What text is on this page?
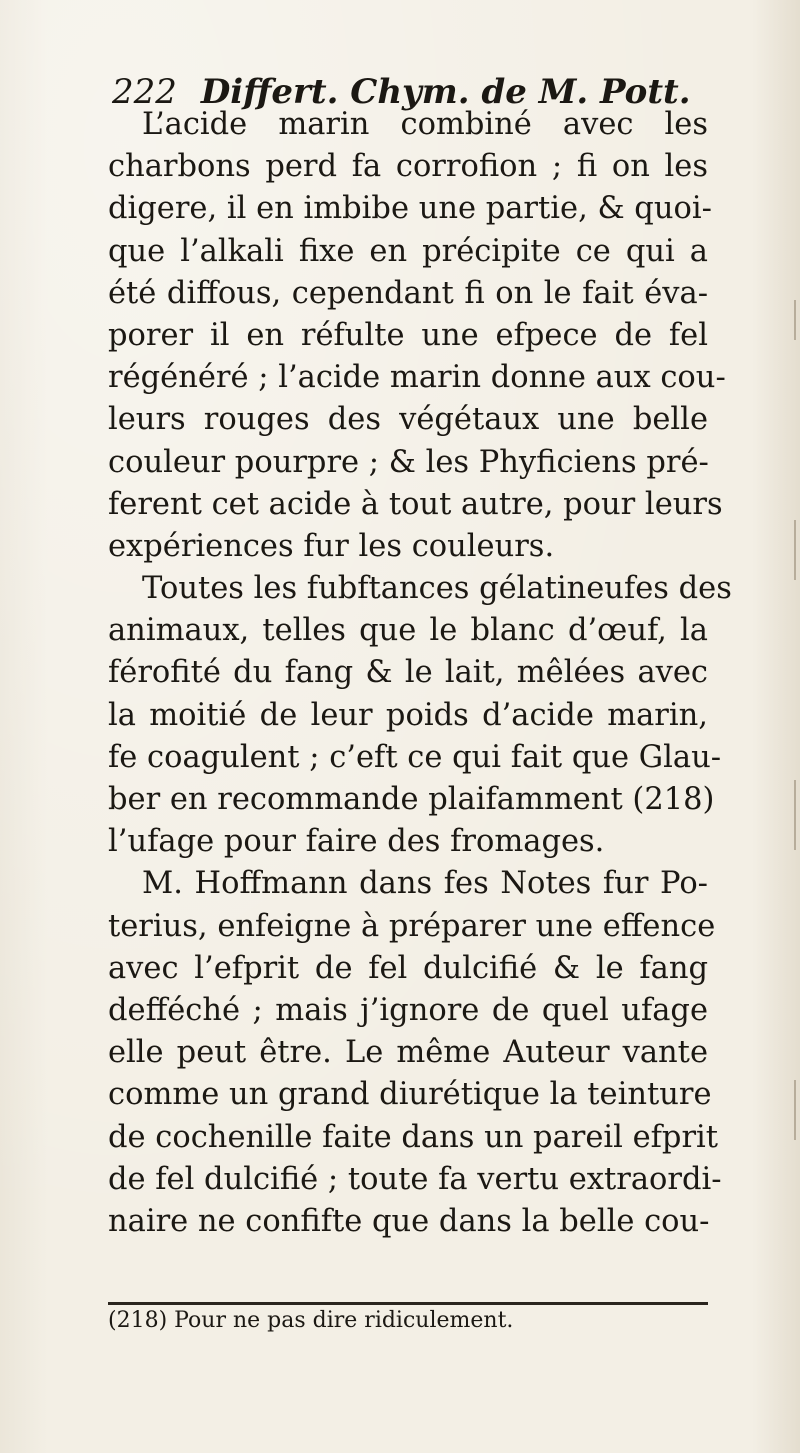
222 Differt. Chym. de M. Pott.
L’acide marin combiné avec les
charbons perd fa corrofion ; fi on les
digere, il en imbibe une partie, & quoi-
que l’alkali fixe en précipite ce qui a
été diffous, cependant fi on le fait éva-
porer il en réfulte une efpece de fel
régénéré ; l’acide marin donne aux cou-
leurs rouges des végétaux une belle
couleur pourpre ; & les Phyficiens pré-
ferent cet acide à tout autre, pour leurs
expériences fur les couleurs.
Toutes les fubftances gélatineufes des
animaux, telles que le blanc d’œuf, la
férofité du fang & le lait, mêlées avec
la moitié de leur poids d’acide marin,
fe coagulent ; c’eft ce qui fait que Glau-
ber en recommande plaifamment (218)
l’ufage pour faire des fromages.
M. Hoffmann dans fes Notes fur Po-
terius, enfeigne à préparer une effence
avec l’efprit de fel dulcifié & le fang
defféché ; mais j’ignore de quel ufage
elle peut être. Le même Auteur vante
comme un grand diurétique la teinture
de cochenille faite dans un pareil efprit
de fel dulcifié ; toute fa vertu extraordi-
naire ne confifte que dans la belle cou-
(218) Pour ne pas dire ridiculement.
